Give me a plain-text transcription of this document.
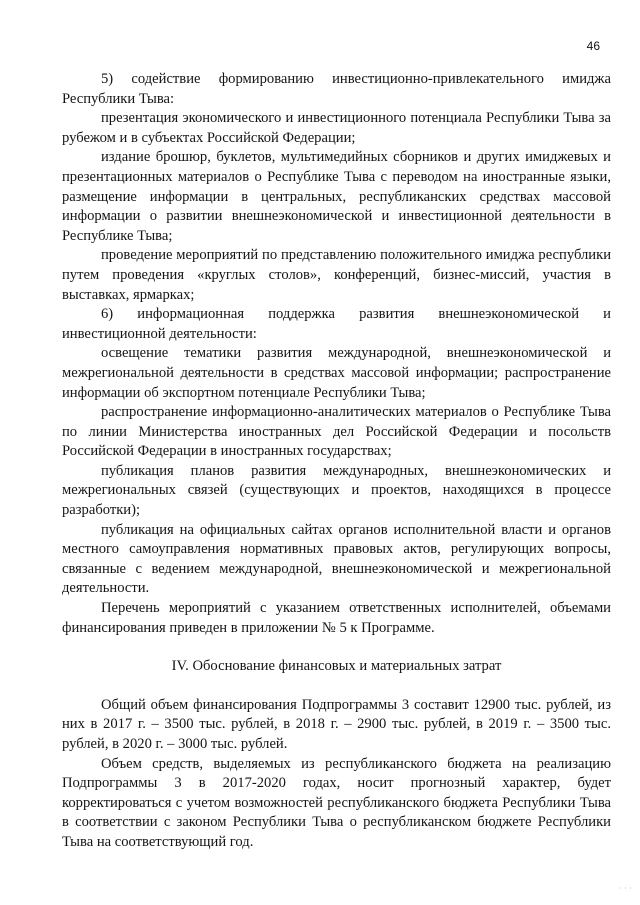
46

5) содействие формированию инвестиционно-привлекательного имиджа Республики Тыва:

презентация экономического и инвестиционного потенциала Республики Тыва за рубежом и в субъектах Российской Федерации;

издание брошюр, буклетов, мультимедийных сборников и других имиджевых и презентационных материалов о Республике Тыва с переводом на иностранные языки, размещение информации в центральных, республиканских средствах массовой информации о развитии внешнеэкономической и инвестиционной деятельности в Республике Тыва;

проведение мероприятий по представлению положительного имиджа республики путем проведения «круглых столов», конференций, бизнес-миссий, участия в выставках, ярмарках;

6) информационная поддержка развития внешнеэкономической и инвестиционной деятельности:

освещение тематики развития международной, внешнеэкономической и межрегиональной деятельности в средствах массовой информации; распространение информации об экспортном потенциале Республики Тыва;

распространение информационно-аналитических материалов о Республике Тыва по линии Министерства иностранных дел Российской Федерации и посольств Российской Федерации в иностранных государствах;

публикация планов развития международных, внешнеэкономических и межрегиональных связей (существующих и проектов, находящихся в процессе разработки);

публикация на официальных сайтах органов исполнительной власти и органов местного самоуправления нормативных правовых актов, регулирующих вопросы, связанные с ведением международной, внешнеэкономической и межрегиональной деятельности.

Перечень мероприятий с указанием ответственных исполнителей, объемами финансирования приведен в приложении № 5 к Программе.

IV. Обоснование финансовых и материальных затрат

Общий объем финансирования Подпрограммы 3 составит 12900 тыс. рублей, из них в 2017 г. – 3500 тыс. рублей, в 2018 г. – 2900 тыс. рублей, в 2019 г. – 3500 тыс. рублей, в 2020 г. – 3000 тыс. рублей.

Объем средств, выделяемых из республиканского бюджета на реализацию Подпрограммы 3 в 2017-2020 годах, носит прогнозный характер, будет корректироваться с учетом возможностей республиканского бюджета Республики Тыва в соответствии с законом Республики Тыва о республиканском бюджете Республики Тыва на соответствующий год.

· · ·
